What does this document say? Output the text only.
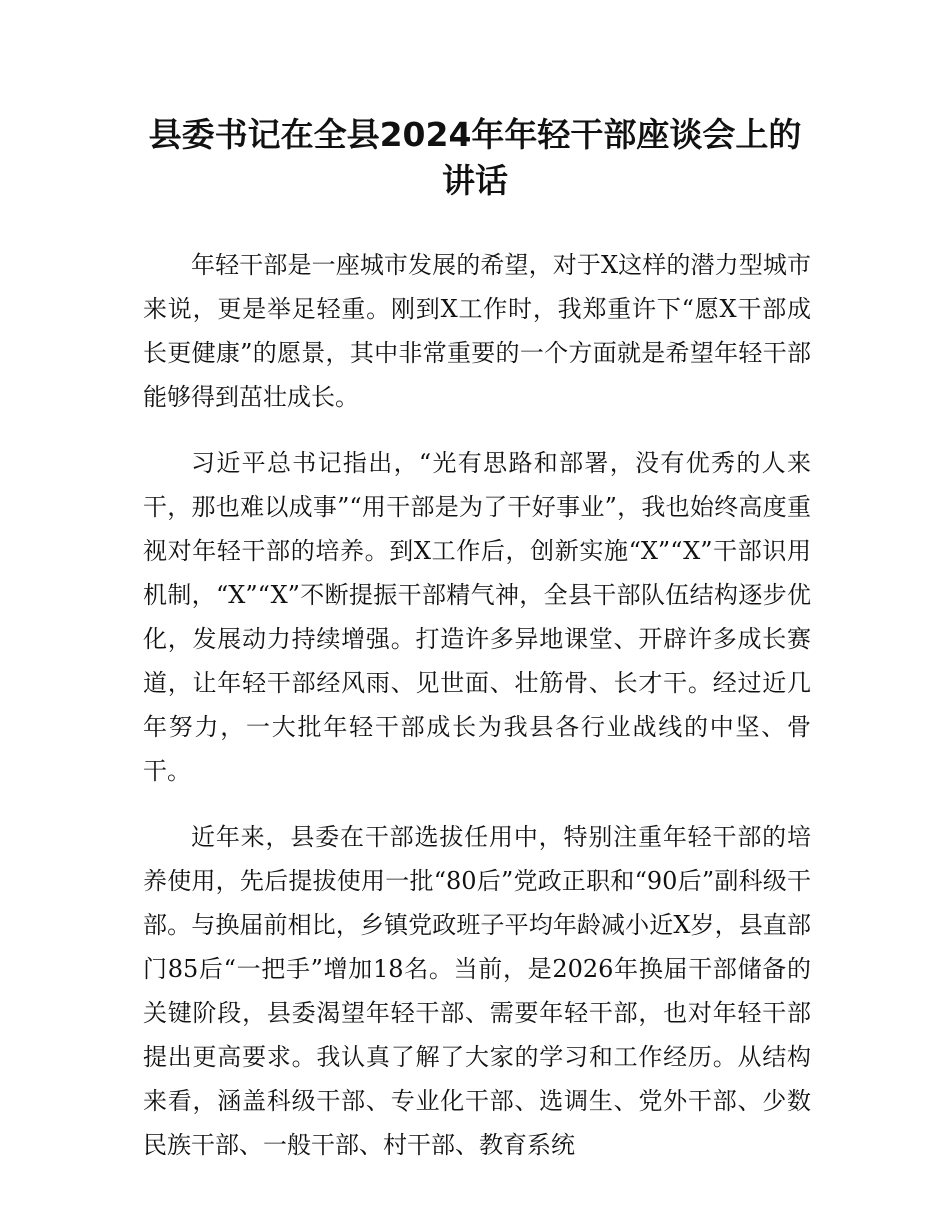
县委书记在全县2024年年轻干部座谈会上的讲话

年轻干部是一座城市发展的希望，对于X这样的潜力型城市来说，更是举足轻重。刚到X工作时，我郑重许下“愿X干部成长更健康”的愿景，其中非常重要的一个方面就是希望年轻干部能够得到茁壮成长。

习近平总书记指出，“光有思路和部署，没有优秀的人来干，那也难以成事”“用干部是为了干好事业”，我也始终高度重视对年轻干部的培养。到X工作后，创新实施“X”“X”干部识用机制，“X”“X”不断提振干部精气神，全县干部队伍结构逐步优化，发展动力持续增强。打造许多异地课堂、开辟许多成长赛道，让年轻干部经风雨、见世面、壮筋骨、长才干。经过近几年努力，一大批年轻干部成长为我县各行业战线的中坚、骨干。

近年来，县委在干部选拔任用中，特别注重年轻干部的培养使用，先后提拔使用一批“80后”党政正职和“90后”副科级干部。与换届前相比，乡镇党政班子平均年龄减小近X岁，县直部门85后“一把手”增加18名。当前，是2026年换届干部储备的关键阶段，县委渴望年轻干部、需要年轻干部，也对年轻干部提出更高要求。我认真了解了大家的学习和工作经历。从结构来看，涵盖科级干部、专业化干部、选调生、党外干部、少数民族干部、一般干部、村干部、教育系统
